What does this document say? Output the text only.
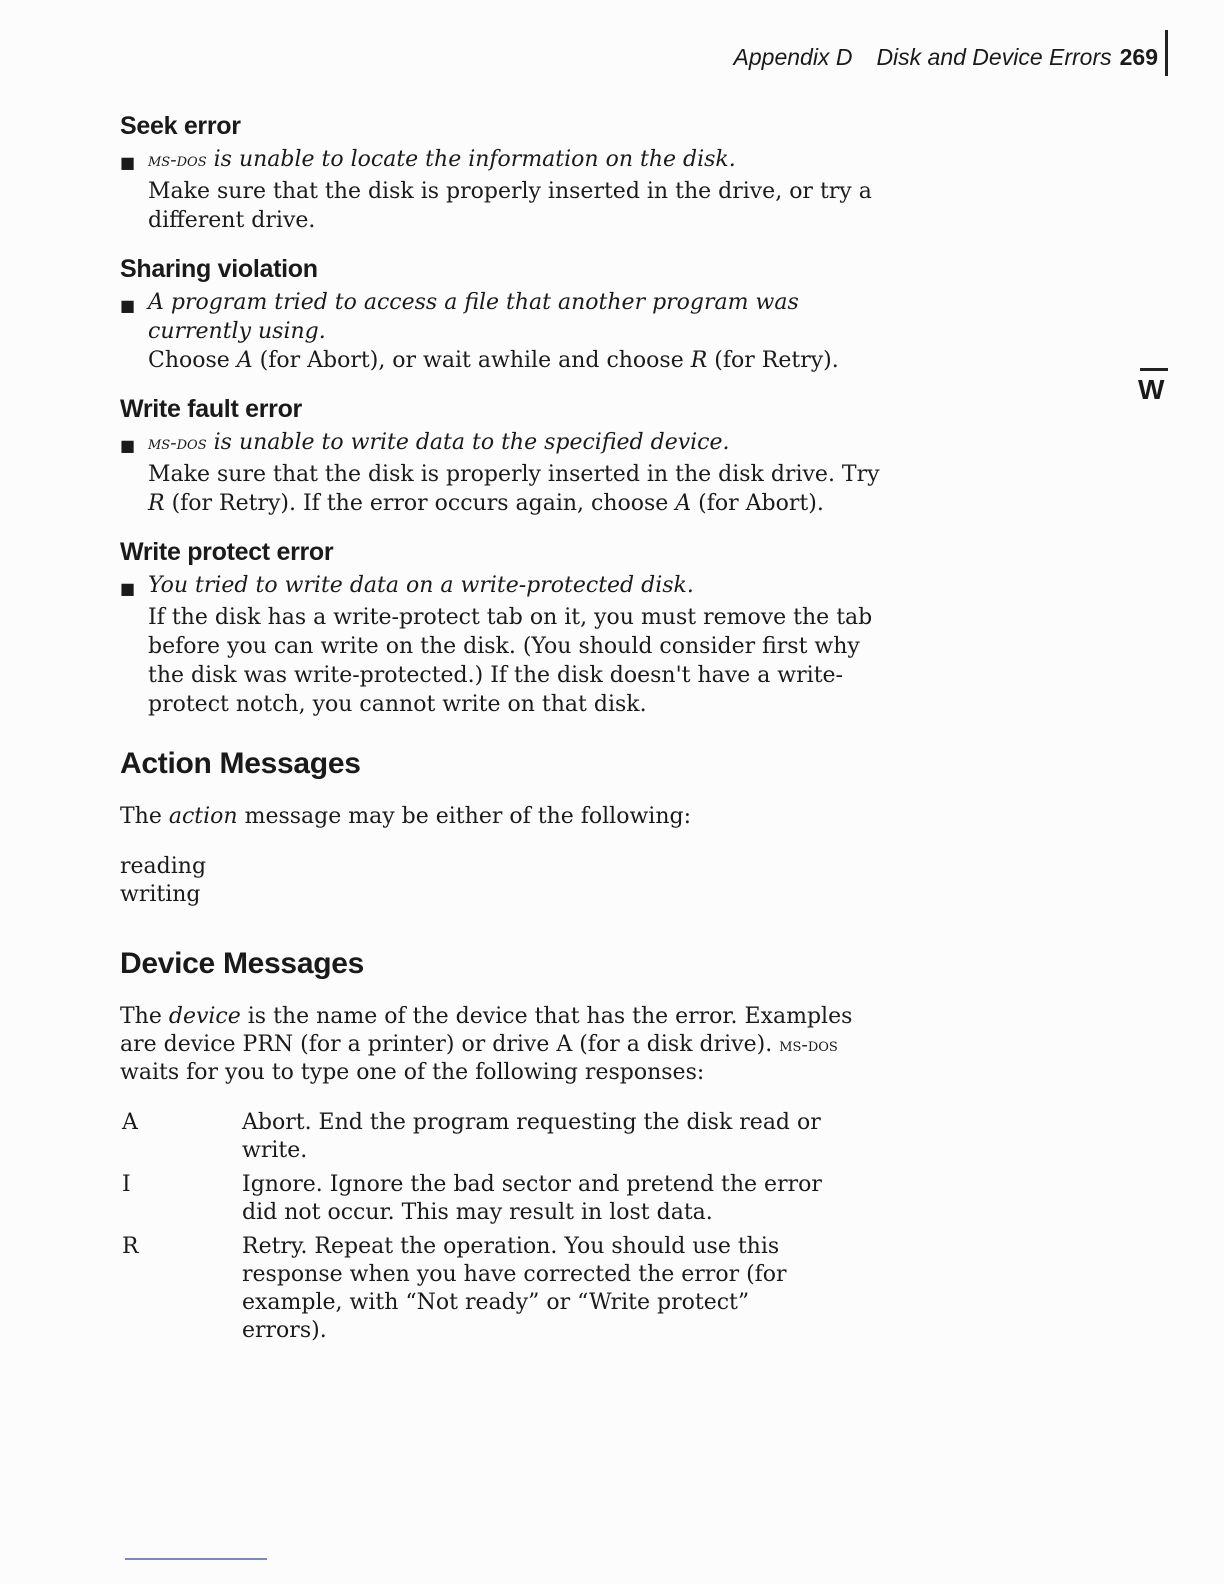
Appendix D Disk and Device Errors 269
W
Seek error
■ ms-dos is unable to locate the information on the disk.
Make sure that the disk is properly inserted in the drive, or try a different drive.
Sharing violation
■ A program tried to access a file that another program was currently using.
Choose A (for Abort), or wait awhile and choose R (for Retry).
Write fault error
■ ms-dos is unable to write data to the specified device.
Make sure that the disk is properly inserted in the disk drive. Try R (for Retry). If the error occurs again, choose A (for Abort).
Write protect error
■ You tried to write data on a write-protected disk.
If the disk has a write-protect tab on it, you must remove the tab before you can write on the disk. (You should consider first why the disk was write-protected.) If the disk doesn't have a write-protect notch, you cannot write on that disk.
Action Messages

The action message may be either of the following:

reading
writing
Device Messages

The device is the name of the device that has the error. Examples are device PRN (for a printer) or drive A (for a disk drive). ms-dos waits for you to type one of the following responses:

A	Abort. End the program requesting the disk read or write.
I	Ignore. Ignore the bad sector and pretend the error did not occur. This may result in lost data.
R	Retry. Repeat the operation. You should use this response when you have corrected the error (for example, with “Not ready” or “Write protect” errors).
